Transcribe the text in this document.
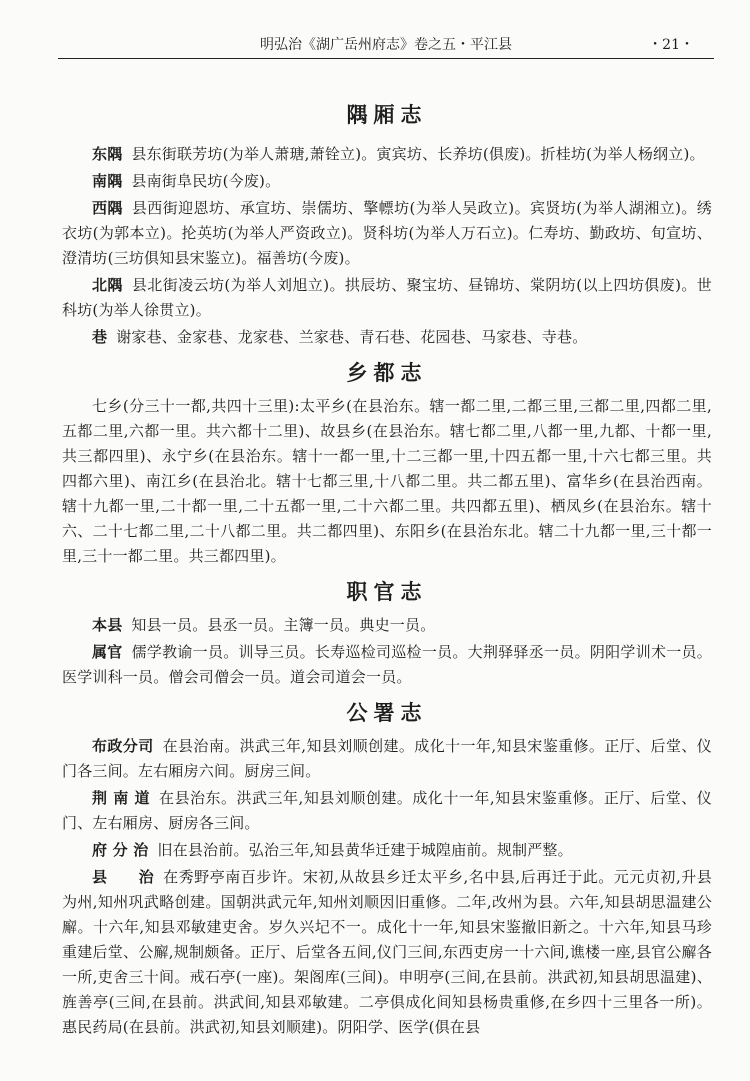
明弘治《湖广岳州府志》卷之五・平江县	・21・
隅厢志

东隅 县东街联芳坊(为举人萧瑭,萧铨立)。寅宾坊、长养坊(俱废)。折桂坊(为举人杨纲立)。

南隅 县南街阜民坊(今废)。

西隅 县西街迎恩坊、承宣坊、崇儒坊、擎幖坊(为举人吴政立)。宾贤坊(为举人湖湘立)。绣衣坊(为郭本立)。抡英坊(为举人严资政立)。贤科坊(为举人万石立)。仁寿坊、勤政坊、旬宣坊、澄清坊(三坊俱知县宋鉴立)。福善坊(今废)。

北隅 县北街凌云坊(为举人刘旭立)。拱辰坊、聚宝坊、昼锦坊、棠阴坊(以上四坊俱废)。世科坊(为举人徐贯立)。

巷 谢家巷、金家巷、龙家巷、兰家巷、青石巷、花园巷、马家巷、寺巷。

乡都志

七乡(分三十一都,共四十三里):太平乡(在县治东。辖一都二里,二都三里,三都二里,四都二里,五都二里,六都一里。共六都十二里)、故县乡(在县治东。辖七都二里,八都一里,九都、十都一里,共三都四里)、永宁乡(在县治东。辖十一都一里,十二三都一里,十四五都一里,十六七都三里。共四都六里)、南江乡(在县治北。辖十七都三里,十八都二里。共二都五里)、富华乡(在县治西南。辖十九都一里,二十都一里,二十五都一里,二十六都二里。共四都五里)、栖凤乡(在县治东。辖十六、二十七都二里,二十八都二里。共二都四里)、东阳乡(在县治东北。辖二十九都一里,三十都一里,三十一都二里。共三都四里)。

职官志

本县 知县一员。县丞一员。主簿一员。典史一员。

属官 儒学教谕一员。训导三员。长寿巡检司巡检一员。大荆驿驿丞一员。阴阳学训术一员。医学训科一员。僧会司僧会一员。道会司道会一员。

公署志

布政分司 在县治南。洪武三年,知县刘顺创建。成化十一年,知县宋鉴重修。正厅、后堂、仪门各三间。左右厢房六间。厨房三间。

荆 南 道 在县治东。洪武三年,知县刘顺创建。成化十一年,知县宋鉴重修。正厅、后堂、仪门、左右厢房、厨房各三间。

府 分 治 旧在县治前。弘治三年,知县黄华迁建于城隍庙前。规制严整。

县　　治 在秀野亭南百步许。宋初,从故县乡迁太平乡,名中县,后再迁于此。元元贞初,升县为州,知州巩武略创建。国朝洪武元年,知州刘顺因旧重修。二年,改州为县。六年,知县胡思温建公廨。十六年,知县邓敏建吏舍。岁久兴圮不一。成化十一年,知县宋鉴撤旧新之。十六年,知县马珍重建后堂、公廨,规制颇备。正厅、后堂各五间,仪门三间,东西吏房一十六间,谯楼一座,县官公廨各一所,吏舍三十间。戒石亭(一座)。架阁库(三间)。申明亭(三间,在县前。洪武初,知县胡思温建)、旌善亭(三间,在县前。洪武间,知县邓敏建。二亭俱成化间知县杨贵重修,在乡四十三里各一所)。惠民药局(在县前。洪武初,知县刘顺建)。阴阳学、医学(俱在县
